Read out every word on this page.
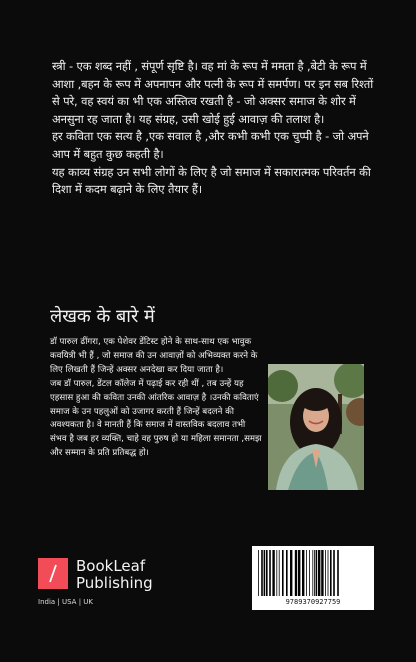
स्त्री - एक शब्द नहीं , संपूर्ण सृष्टि है। वह मां के रूप में ममता है ,बेटी के रूप में आशा ,बहन के रूप में अपनापन और पत्नी के रूप में समर्पण। पर इन सब रिश्तों से परे, वह स्वयं का भी एक अस्तित्व रखती है - जो अक्सर समाज के शोर में अनसुना रह जाता है। यह संग्रह, उसी खोई हुई आवाज़ की तलाश है।

हर कविता एक सत्य है ,एक सवाल है ,और कभी कभी एक चुप्पी है - जो अपने आप में बहुत कुछ कहती है।

यह काव्य संग्रह उन सभी लोगों के लिए है जो समाज में सकारात्मक परिवर्तन की दिशा में कदम बढ़ाने के लिए तैयार हैं।

लेखक के बारे में

डॉ पारुल ढींगरा, एक पेशेवर डेंटिस्ट होने के साथ-साथ एक भावुक कवयित्री भी हैं , जो समाज की उन आवाज़ों को अभिव्यक्त करने के लिए लिखती हैं जिन्हें अक्सर अनदेखा कर दिया जाता है।

जब डॉ पारुल, डेंटल कॉलेज में पढ़ाई कर रही थीं , तब उन्हें यह एहसास हुआ की कविता उनकी आंतरिक आवाज़ है ।उनकी कविताएं समाज के उन पहलुओं को उजागर करती हैं जिन्हें बदलने की अवश्यकता है। वे मानती हैं कि समाज में वास्तविक बदलाव तभी संभव है जब हर व्यक्ति, चाहे वह पुरुष हो या महिला समानता ,समझ और सम्मान के प्रति प्रतिबद्ध हो।

BookLeaf
Publishing
India | USA | UK	9789370927759
